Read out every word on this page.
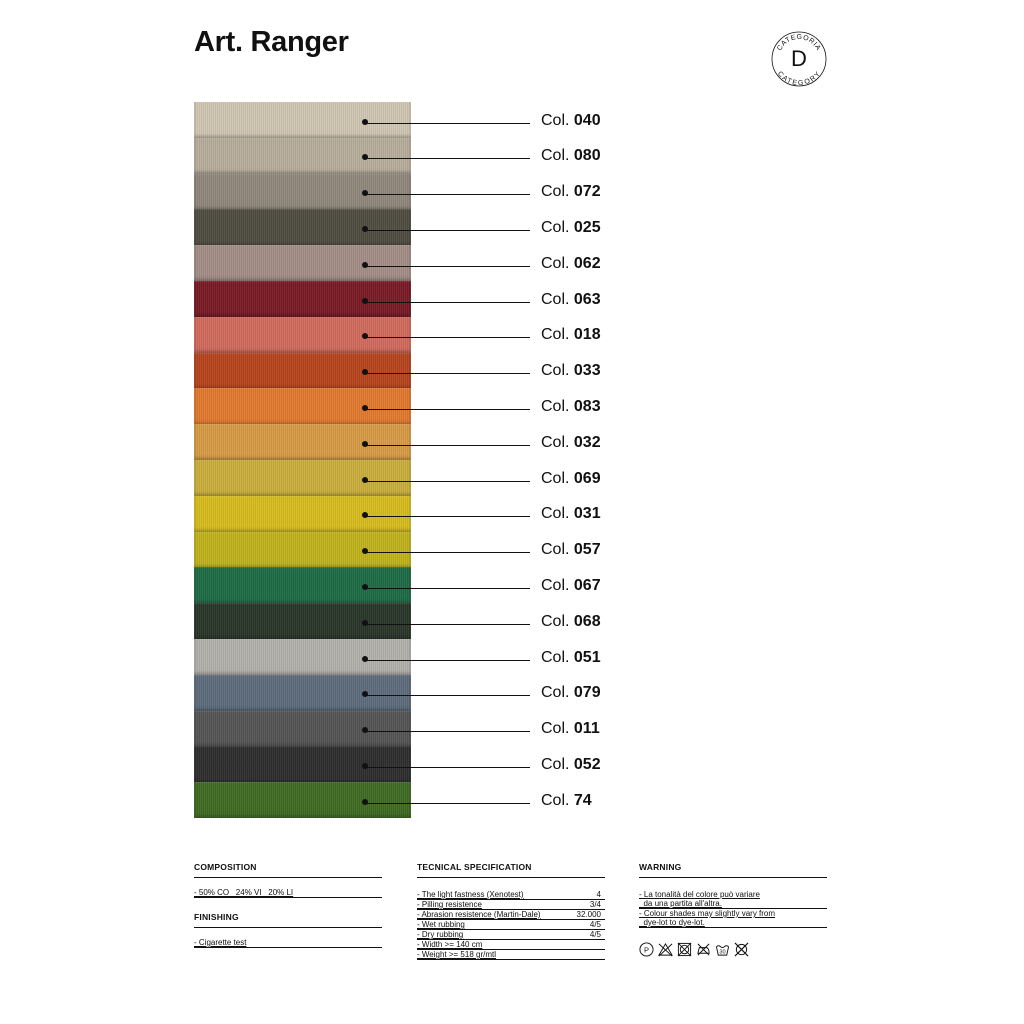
Art. Ranger	CATEGORIA
CATEGORY
D
COMPOSITION
- 50% CO   24% VI   20% LI
FINISHING
- Cigarette test
TECNICAL SPECIFICATION
- The light fastness (Xenotest)	4
- Pilling resistence	3/4
- Abrasion resistence (Martin-Dale)	32.000
- Wet rubbing	4/5
- Dry rubbing	4/5
- Width >= 140 cm
- Weight >= 518 gr/mtl
WARNING
- La tonalità del colore può variare
da una partita all'altra.
- Colour shades may slightly vary from
dye-lot to dye-lot.
P	30
Col. 040
Col. 080
Col. 072
Col. 025
Col. 062
Col. 063
Col. 018
Col. 033
Col. 083
Col. 032
Col. 069
Col. 031
Col. 057
Col. 067
Col. 068
Col. 051
Col. 079
Col. 011
Col. 052
Col. 74
